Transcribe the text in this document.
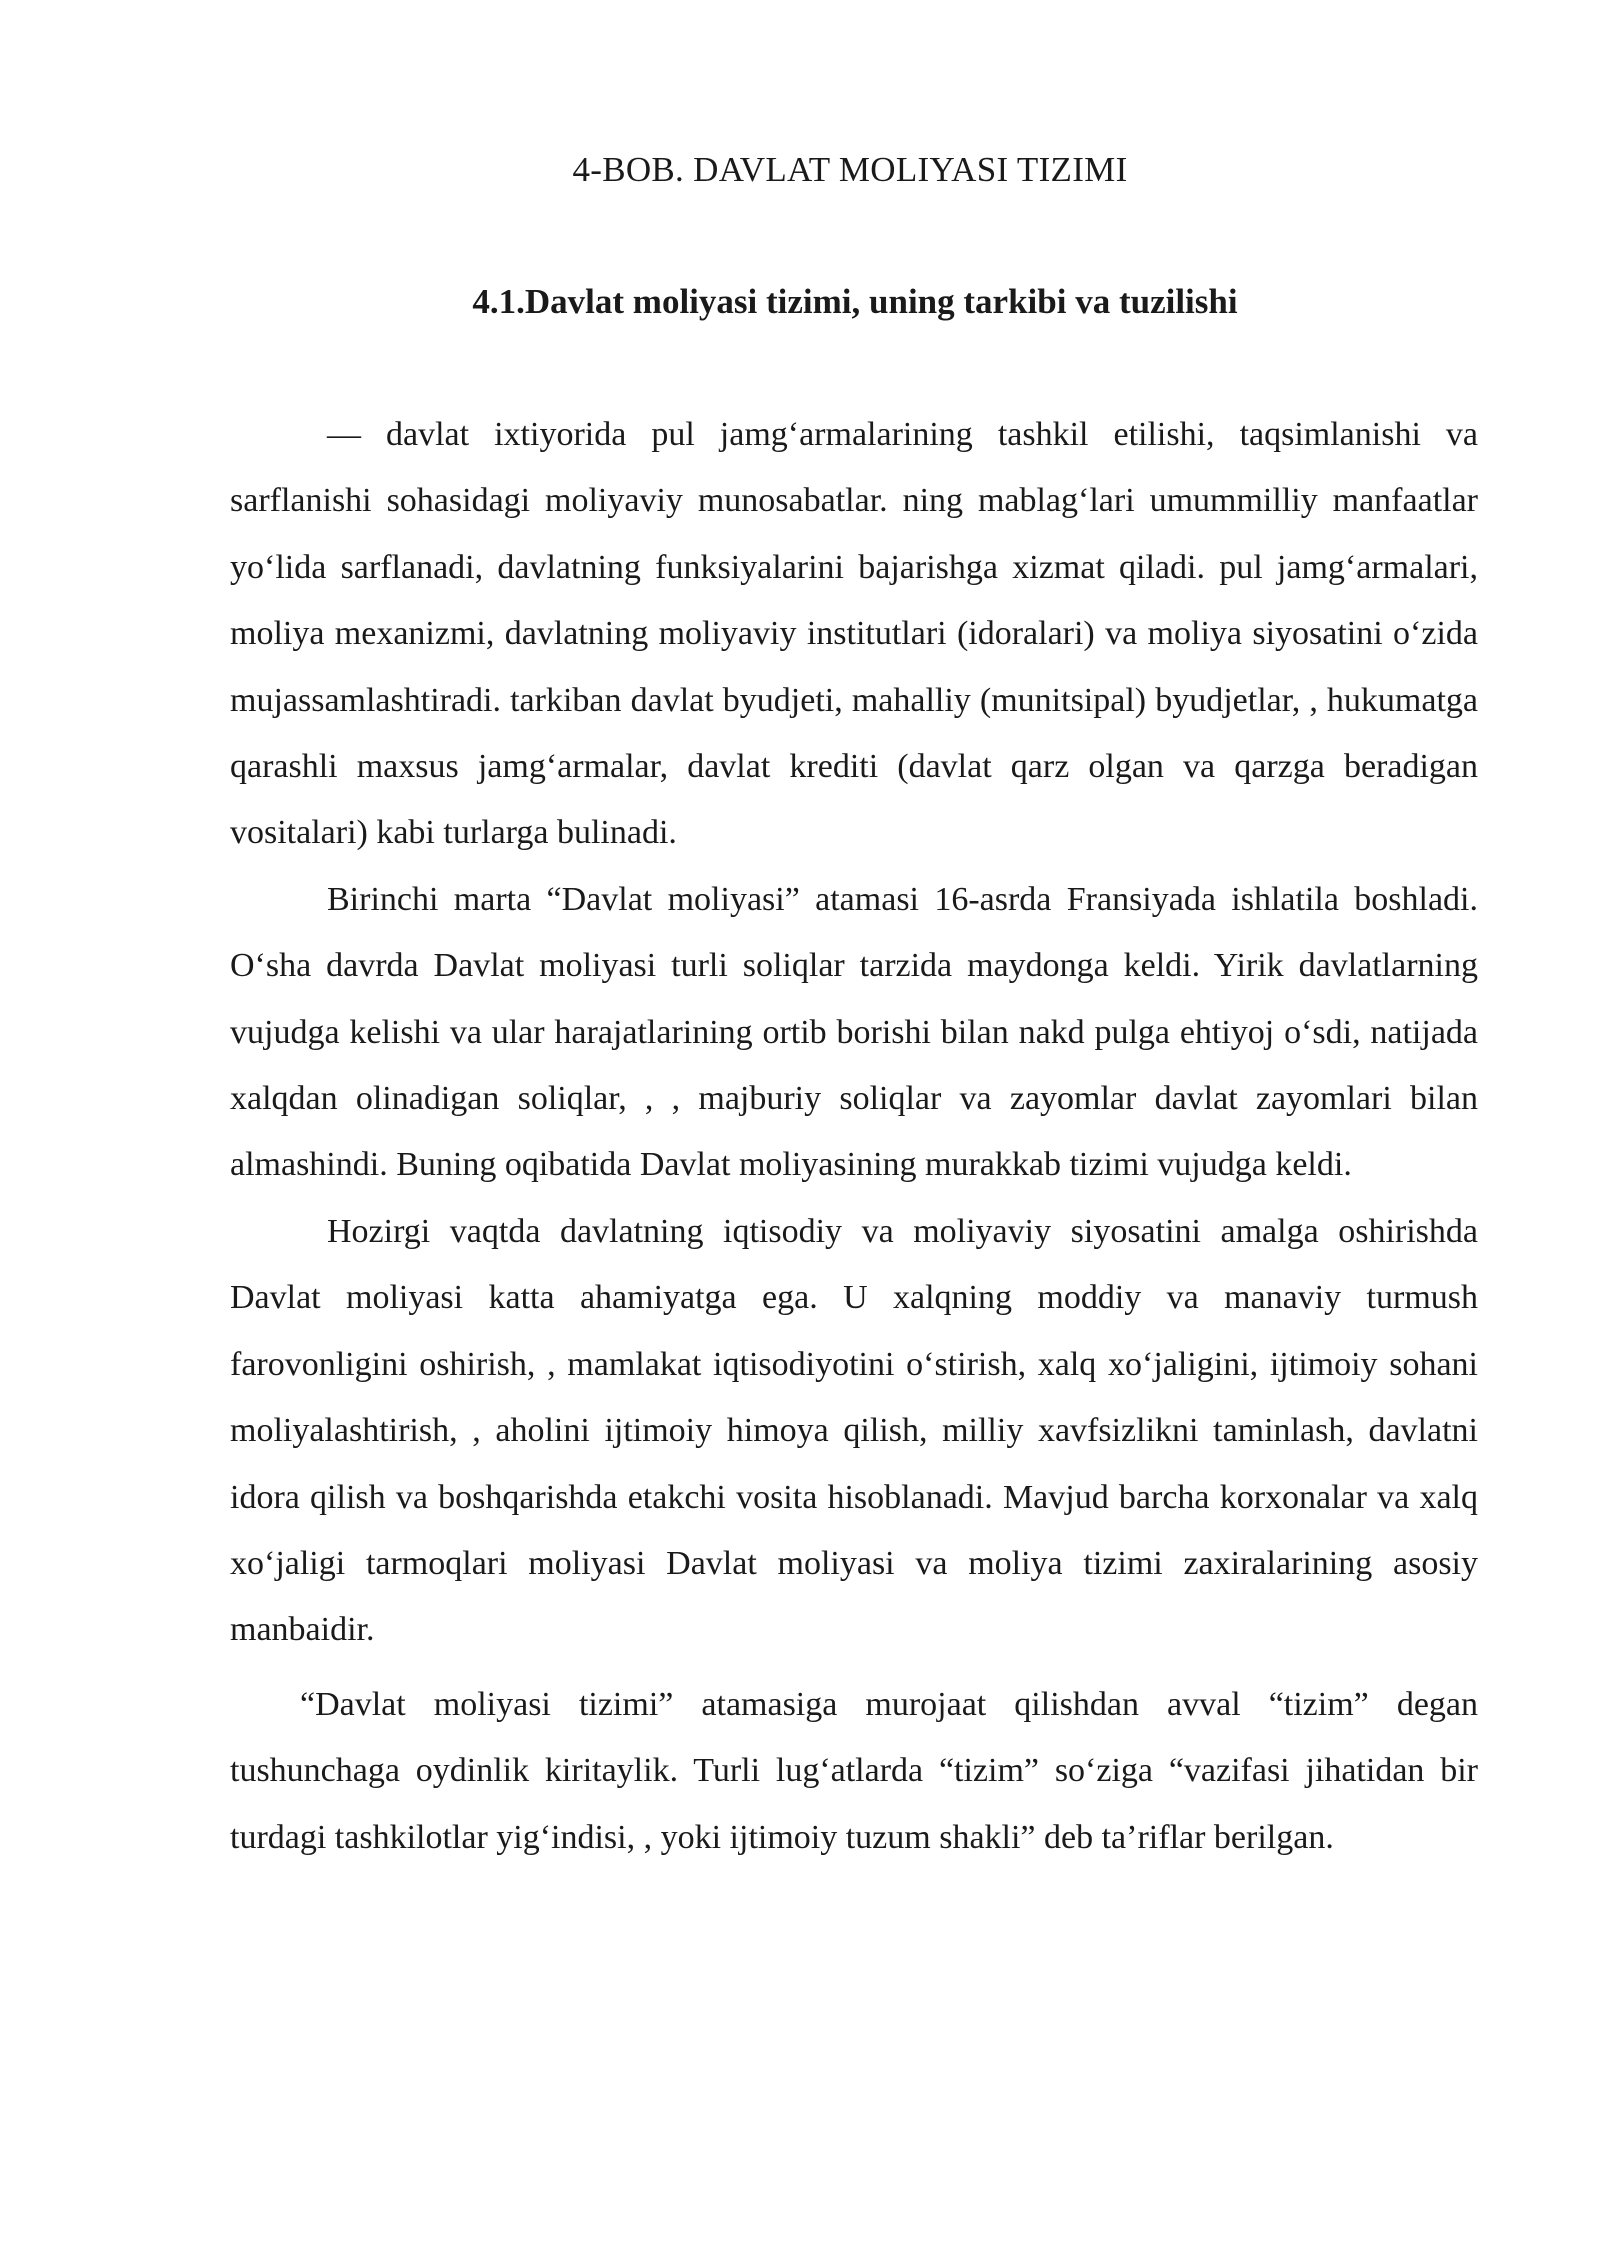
4-BOB. DAVLAT MOLIYASI TIZIMI
4.1.Davlat moliyasi tizimi, uning tarkibi va tuzilishi

— davlat ixtiyorida pul jamg‘armalarining tashkil etilishi, taqsimlanishi va sarflanishi sohasidagi moliyaviy munosabatlar. ning mablag‘lari umummilliy manfaatlar yo‘lida sarflanadi, davlatning funksiyalarini bajarishga xizmat qiladi. pul jamg‘armalari, moliya mexanizmi, davlatning moliyaviy institutlari (idoralari) va moliya siyosatini o‘zida mujassamlashtiradi. tarkiban davlat byudjeti, mahalliy (munitsipal) byudjetlar, , hukumatga qarashli maxsus jamg‘armalar, davlat krediti (davlat qarz olgan va qarzga beradigan vositalari) kabi turlarga bulinadi.

Birinchi marta “Davlat moliyasi” atamasi 16-asrda Fransiyada ishlatila boshladi. O‘sha davrda Davlat moliyasi turli soliqlar tarzida maydonga keldi. Yirik davlatlarning vujudga kelishi va ular harajatlarining ortib borishi bilan nakd pulga ehtiyoj o‘sdi, natijada xalqdan olinadigan soliqlar, , , majburiy soliqlar va zayomlar davlat zayomlari bilan almashindi. Buning oqibatida Davlat moliyasining murakkab tizimi vujudga keldi.

Hozirgi vaqtda davlatning iqtisodiy va moliyaviy siyosatini amalga oshirishda Davlat moliyasi katta ahamiyatga ega. U xalqning moddiy va manaviy turmush farovonligini oshirish, , mamlakat iqtisodiyotini o‘stirish, xalq xo‘jaligini, ijtimoiy sohani moliyalashtirish, , aholini ijtimoiy himoya qilish, milliy xavfsizlikni taminlash, davlatni idora qilish va boshqarishda etakchi vosita hisoblanadi. Mavjud barcha korxonalar va xalq xo‘jaligi tarmoqlari moliyasi Davlat moliyasi va moliya tizimi zaxiralarining asosiy manbaidir.

“Davlat moliyasi tizimi” atamasiga murojaat qilishdan avval “tizim” degan tushunchaga oydinlik kiritaylik. Turli lug‘atlarda “tizim” so‘ziga “vazifasi jihatidan bir turdagi tashkilotlar yig‘indisi, , yoki ijtimoiy tuzum shakli” deb ta’riflar berilgan.
